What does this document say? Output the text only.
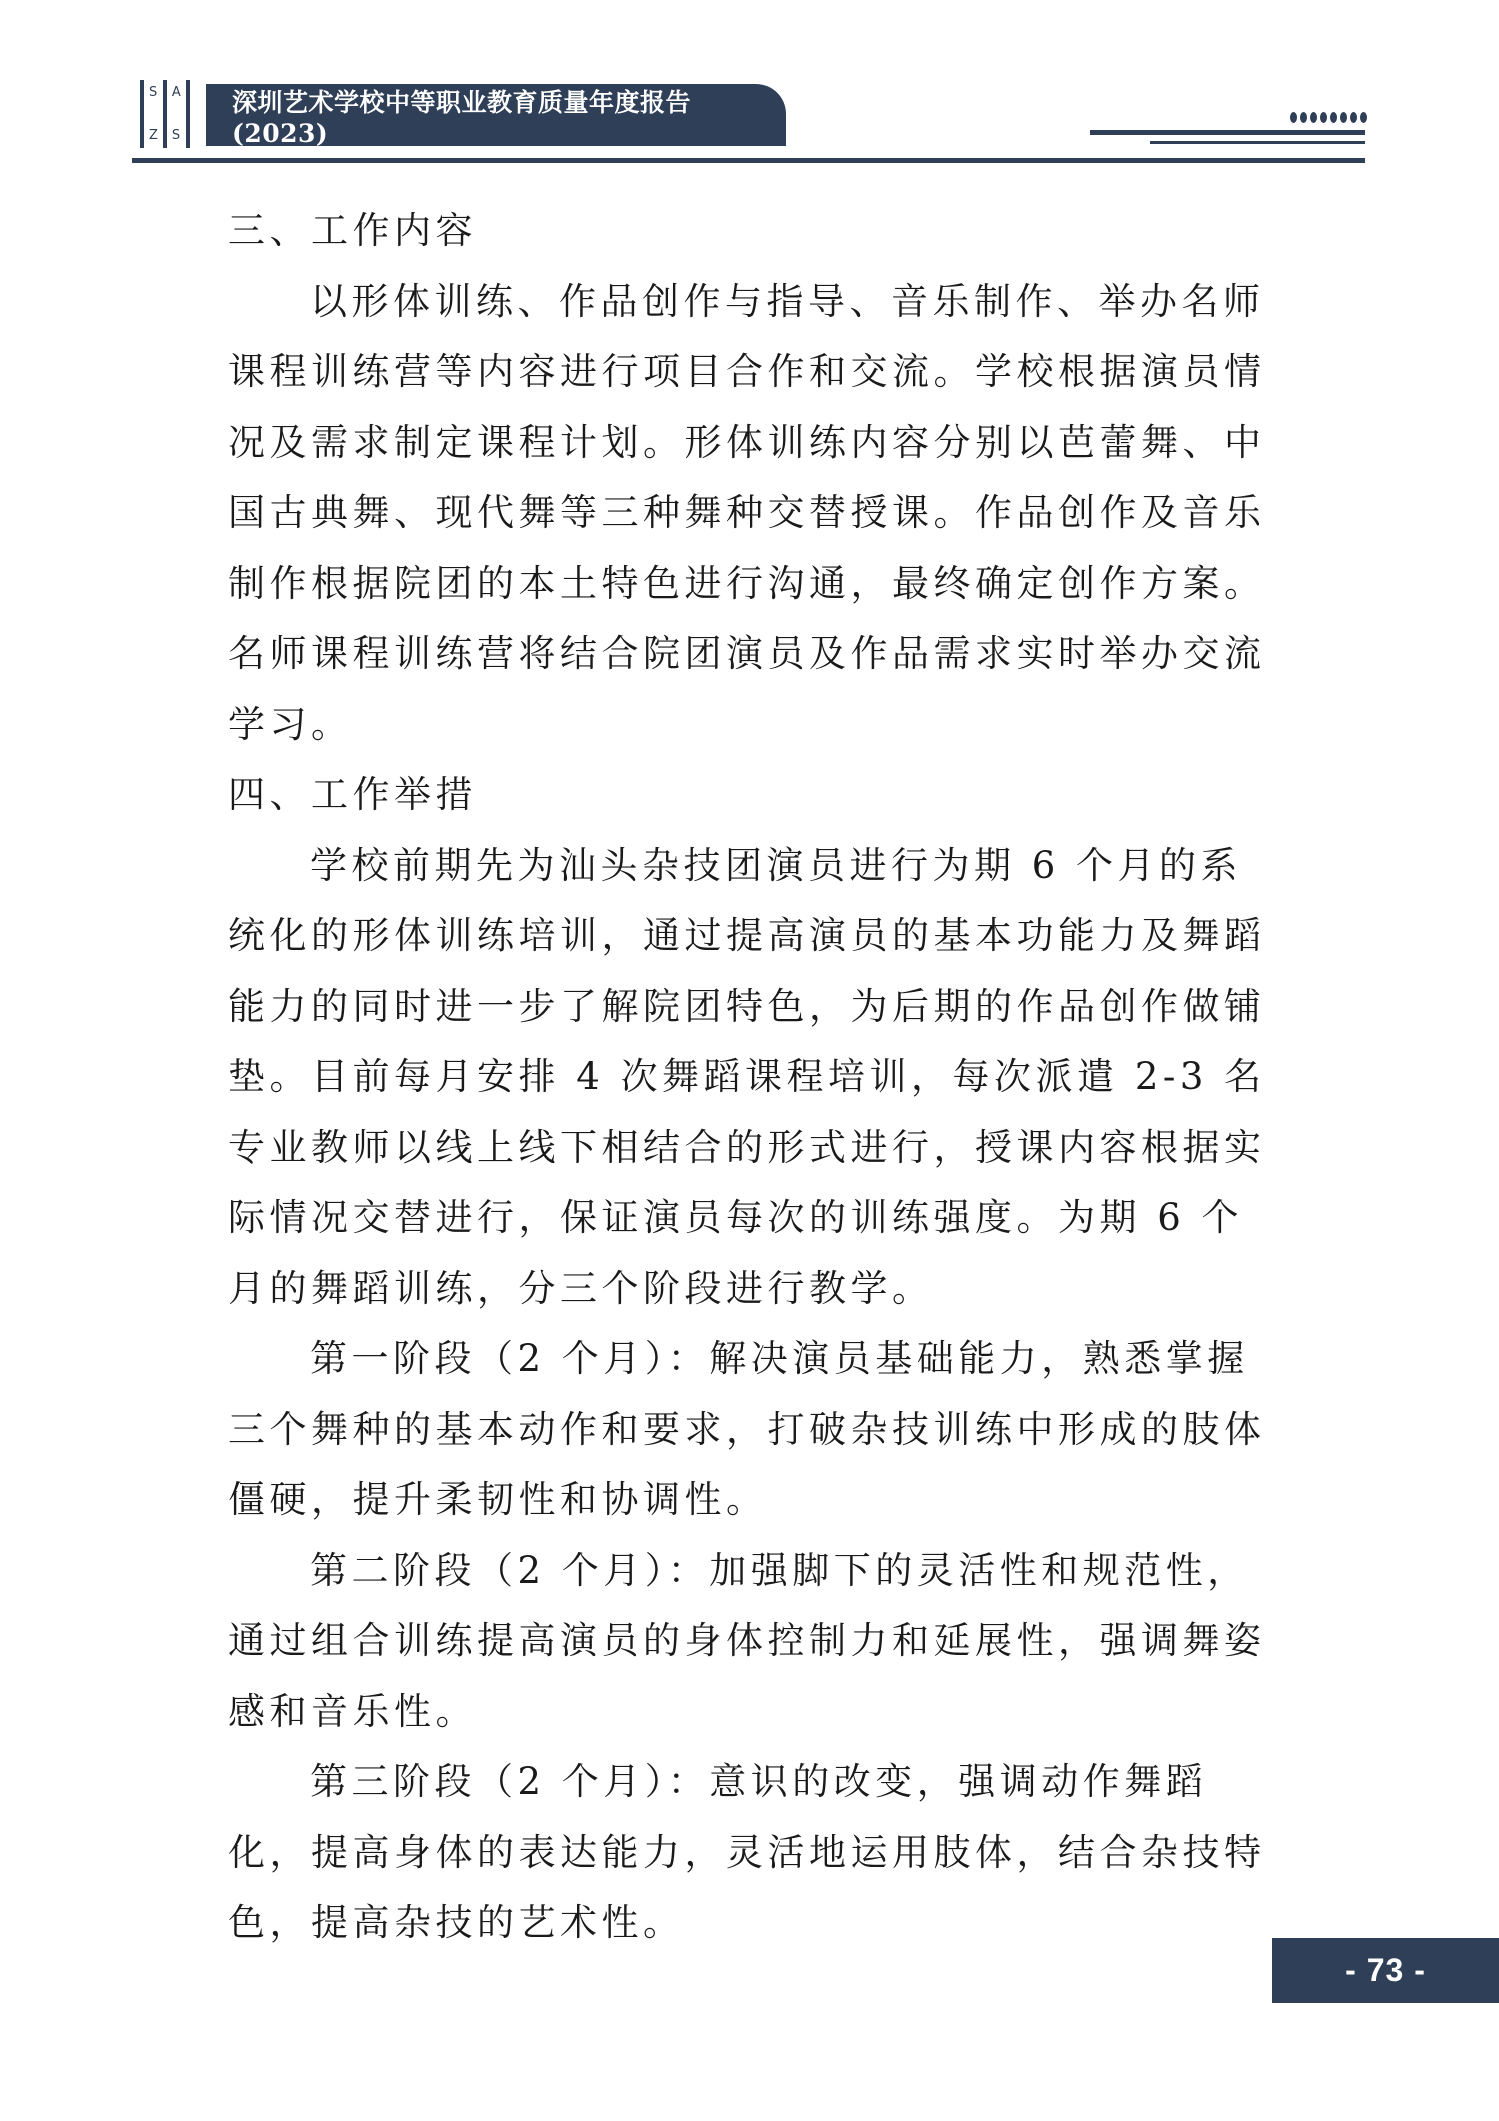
S
Z
A
S
深圳艺术学校中等职业教育质量年度报告(2023)

三、工作内容

以形体训练、作品创作与指导、音乐制作、举办名师课程训练营等内容进行项目合作和交流。学校根据演员情况及需求制定课程计划。形体训练内容分别以芭蕾舞、中国古典舞、现代舞等三种舞种交替授课。作品创作及音乐制作根据院团的本土特色进行沟通，最终确定创作方案。名师课程训练营将结合院团演员及作品需求实时举办交流学习。

四、工作举措

学校前期先为汕头杂技团演员进行为期 6 个月的系统化的形体训练培训，通过提高演员的基本功能力及舞蹈能力的同时进一步了解院团特色，为后期的作品创作做铺垫。目前每月安排 4 次舞蹈课程培训，每次派遣 2-3 名专业教师以线上线下相结合的形式进行，授课内容根据实际情况交替进行，保证演员每次的训练强度。为期 6 个月的舞蹈训练，分三个阶段进行教学。

第一阶段（2 个月）：解决演员基础能力，熟悉掌握三个舞种的基本动作和要求，打破杂技训练中形成的肢体僵硬，提升柔韧性和协调性。

第二阶段（2 个月）：加强脚下的灵活性和规范性，通过组合训练提高演员的身体控制力和延展性，强调舞姿感和音乐性。

第三阶段（2 个月）：意识的改变，强调动作舞蹈化，提高身体的表达能力，灵活地运用肢体，结合杂技特色，提高杂技的艺术性。

- 73 -
